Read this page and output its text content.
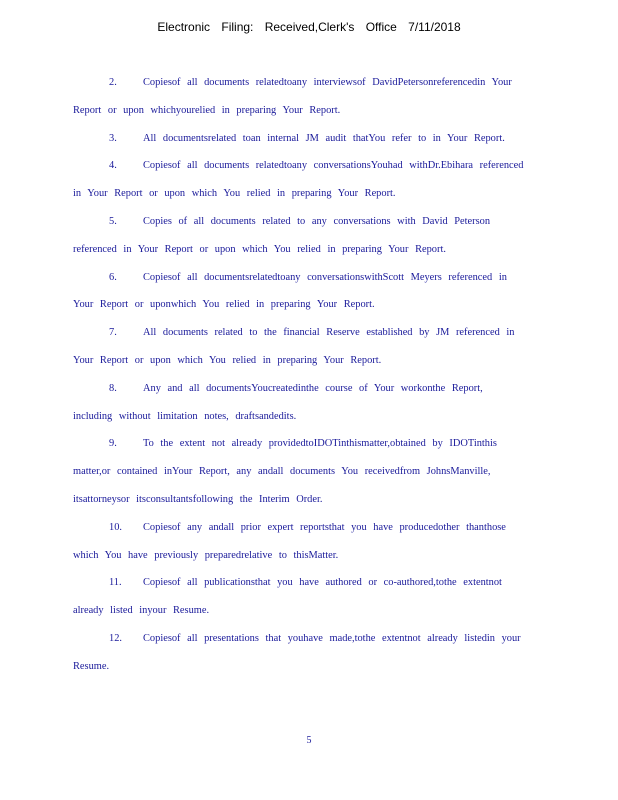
Electronic Filing: Received,Clerk's Office 7/11/2018

2.	Copiesof all documents relatedtoany interviewsof DavidPetersonreferencedin Your Report or upon whichyourelied in preparing Your Report.

3.	All documentsrelated toan internal JM audit thatYou refer to in Your Report.

4.	Copiesof all documents relatedtoany conversationsYouhad withDr.Ebihara referenced in Your Report or upon which You relied in preparing Your Report.

5.	Copies of all documents related to any conversations with David Peterson referenced in Your Report or upon which You relied in preparing Your Report.

6.	Copiesof all documentsrelatedtoany conversationswithScott Meyers referenced in Your Report or uponwhich You relied in preparing Your Report.

7.	All documents related to the financial Reserve established by JM referenced in Your Report or upon which You relied in preparing Your Report.

8.	Any and all documentsYoucreatedinthe course of Your workonthe Report, including without limitation notes, draftsandedits.

9.	To the extent not already providedtoIDOTinthismatter,obtained by IDOTinthis matter,or contained inYour Report, any andall documents You receivedfrom JohnsManville, itsattorneysor itsconsultantsfollowing the Interim Order.

10. Copiesof any andall prior expert reportsthat you have producedother thanthose which You have previously preparedrelative to thisMatter.

11. Copiesof all publicationsthat you have authored or co-authored,tothe extentnot already listed inyour Resume.

12. Copiesof all presentations that youhave made,tothe extentnot already listedin your Resume.

5
